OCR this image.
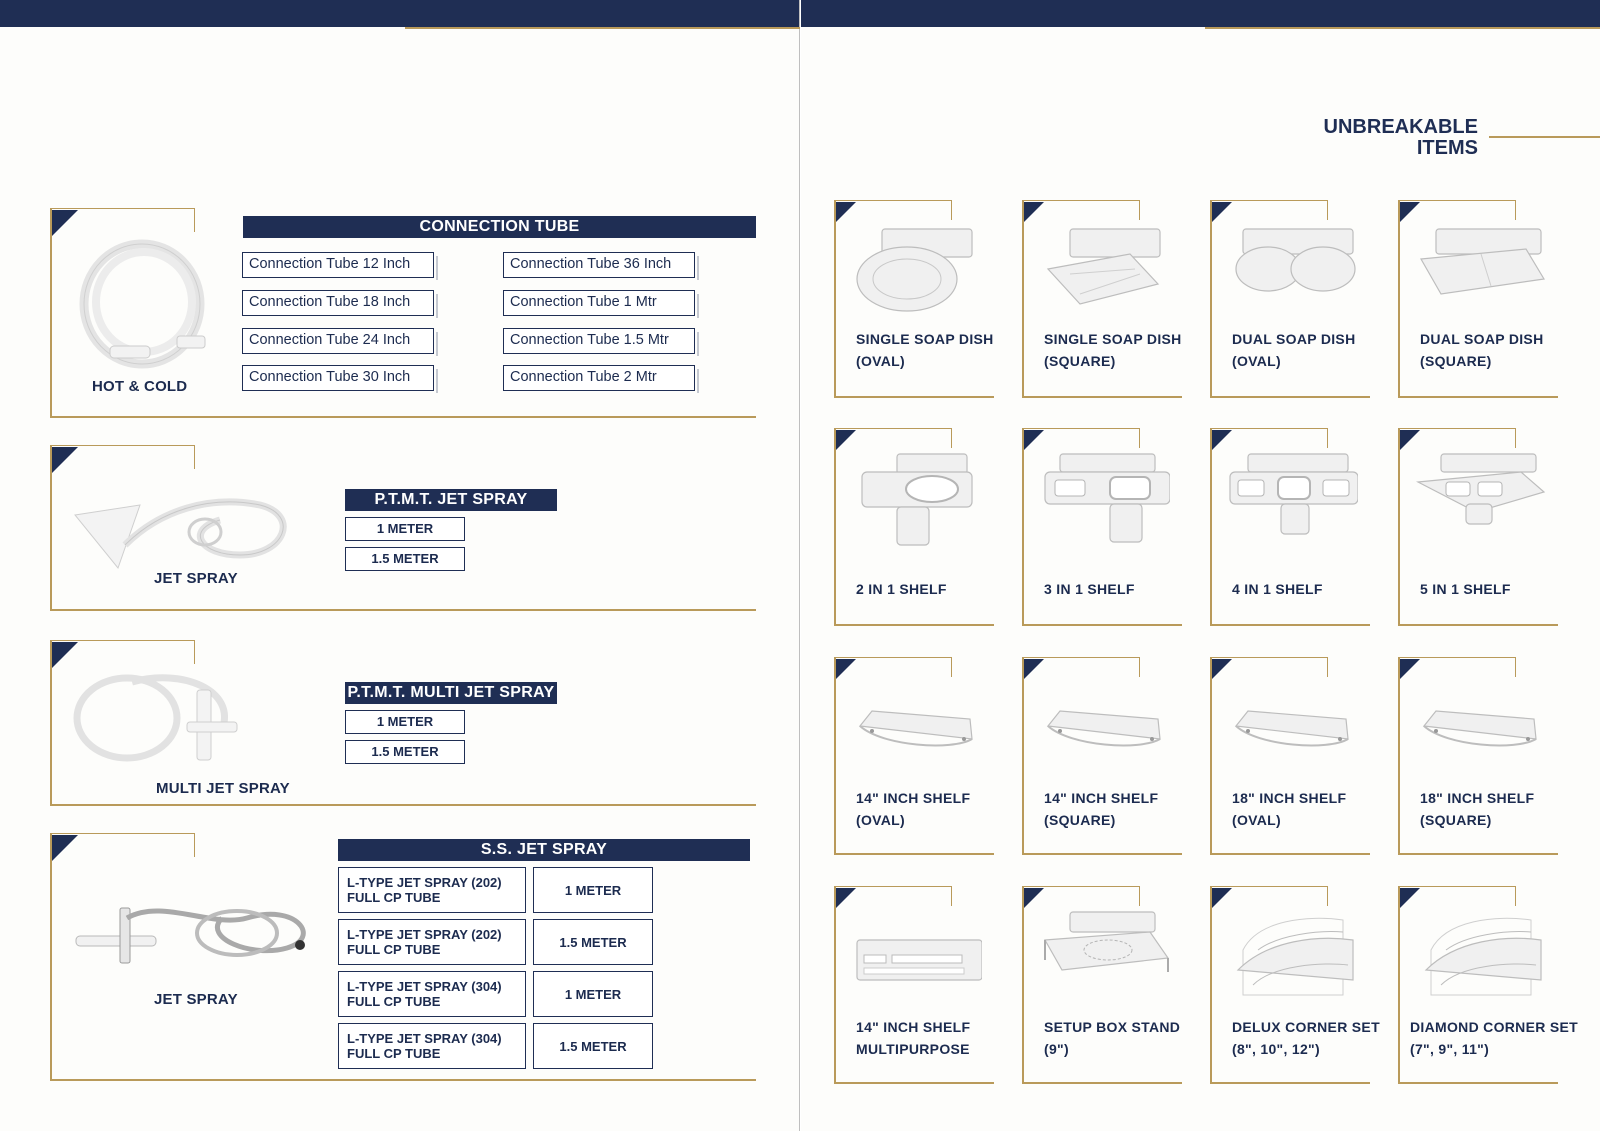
HOT & COLD
CONNECTION TUBE
Connection Tube 12 Inch
Connection Tube 18 Inch
Connection Tube 24 Inch
Connection Tube 30 Inch
Connection Tube 36 Inch
Connection Tube 1 Mtr
Connection Tube 1.5 Mtr
Connection Tube 2 Mtr
JET SPRAY
P.T.M.T. JET SPRAY
1 METER
1.5 METER
MULTI JET SPRAY
P.T.M.T. MULTI JET SPRAY
1 METER
1.5 METER
JET SPRAY
S.S. JET SPRAY
L-TYPE JET SPRAY (202)
FULL CP TUBE	1 METER
L-TYPE JET SPRAY (202)
FULL CP TUBE	1.5 METER
L-TYPE JET SPRAY (304)
FULL CP TUBE	1 METER
L-TYPE JET SPRAY (304)
FULL CP TUBE	1.5 METER
UNBREAKABLE
ITEMS
SINGLE SOAP DISH
(OVAL)
SINGLE SOAP DISH
(SQUARE)
DUAL SOAP DISH
(OVAL)
DUAL SOAP DISH
(SQUARE)
2 IN 1 SHELF	3 IN 1 SHELF	4 IN 1 SHELF	5 IN 1 SHELF
14" INCH SHELF
(OVAL)
14" INCH SHELF
(SQUARE)
18" INCH SHELF
(OVAL)
18" INCH SHELF
(SQUARE)
14" INCH SHELF
MULTIPURPOSE
SETUP BOX STAND
(9")
DELUX CORNER SET
(8", 10", 12")
DIAMOND CORNER SET
(7", 9", 11")
